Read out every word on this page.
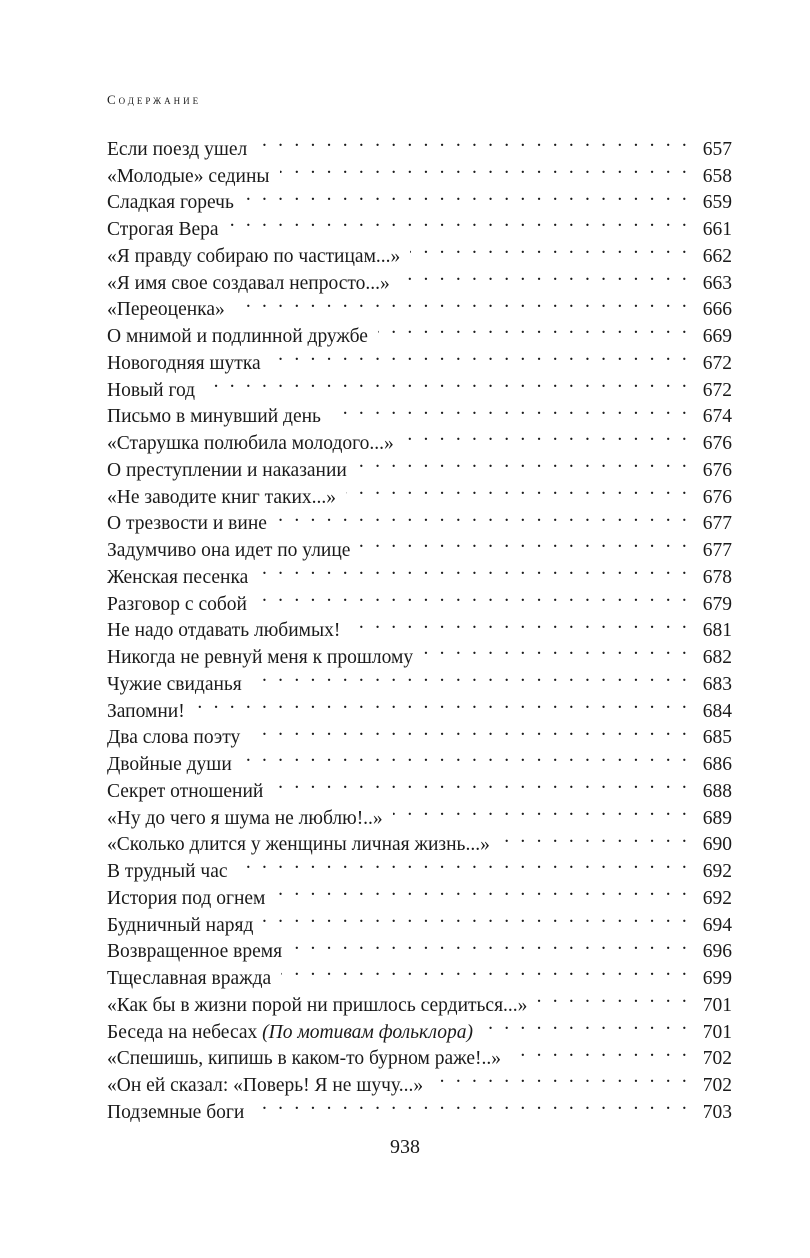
Содержание
Если поезд ушел . . .	657
«Молодые» седины . . .	658
Сладкая горечь . . .	659
Строгая Вера . . .	661
«Я правду собираю по частицам...» . . .	662
«Я имя свое создавал непросто...» . . .	663
«Переоценка» . . .	666
О мнимой и подлинной дружбе . . .	669
Новогодняя шутка . . .	672
Новый год . . .	672
Письмо в минувший день . . .	674
«Старушка полюбила молодого...» . . .	676
О преступлении и наказании . . .	676
«Не заводите книг таких...» . . .	676
О трезвости и вине . . .	677
Задумчиво она идет по улице . . .	677
Женская песенка . . .	678
Разговор с собой . . .	679
Не надо отдавать любимых! . . .	681
Никогда не ревнуй меня к прошлому . . .	682
Чужие свиданья . . .	683
Запомни! . . .	684
Два слова поэту . . .	685
Двойные души . . .	686
Секрет отношений . . .	688
«Ну до чего я шума не люблю!..» . . .	689
«Сколько длится у женщины личная жизнь...» . . .	690
В трудный час . . .	692
История под огнем . . .	692
Будничный наряд . . .	694
Возвращенное время . . .	696
Тщеславная вражда . . .	699
«Как бы в жизни порой ни пришлось сердиться...» . . .	701
Беседа на небесах (По мотивам фольклора) . . .	701
«Спешишь, кипишь в каком-то бурном раже!..» . . .	702
«Он ей сказал: «Поверь! Я не шучу...» . . .	702
Подземные боги . . .	703
938
